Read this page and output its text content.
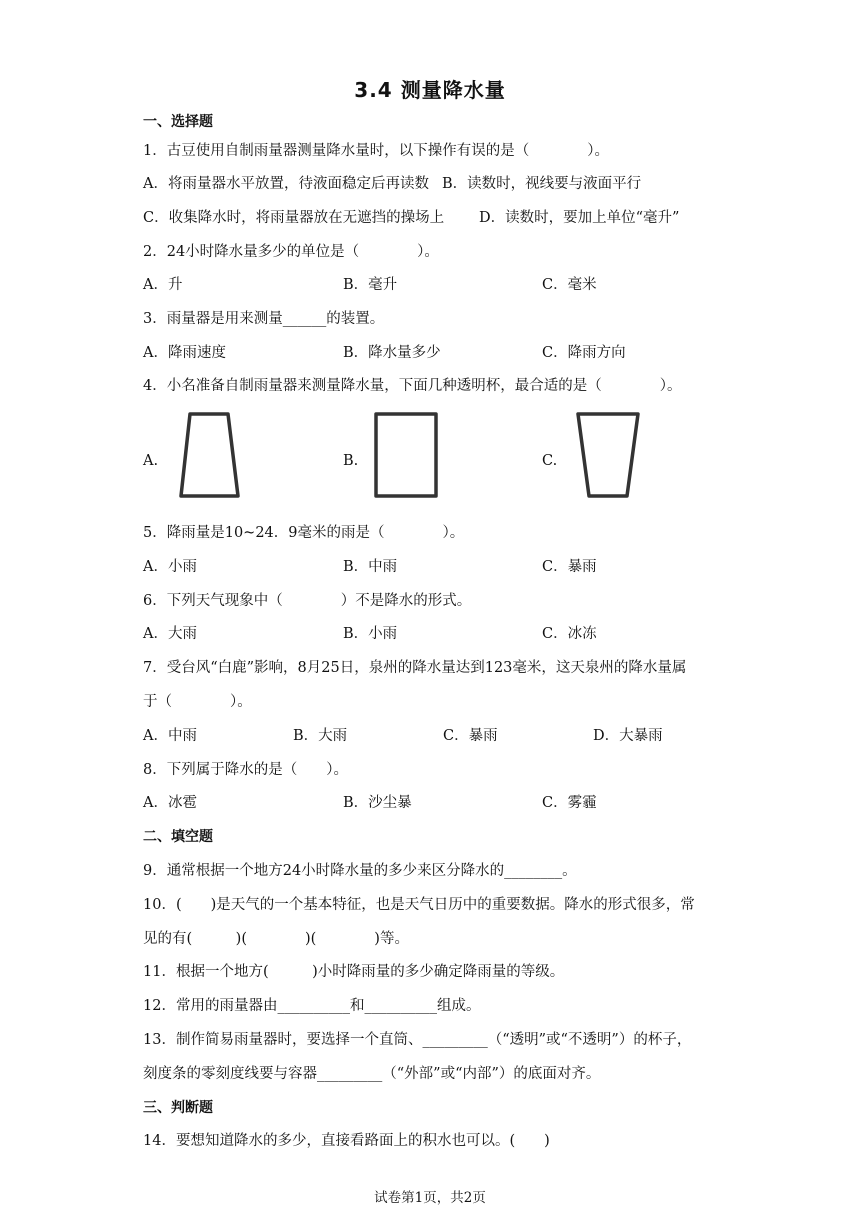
3.4 测量降水量
一、选择题
1．古豆使用自制雨量器测量降水量时，以下操作有误的是（　　　　）。
A．将雨量器水平放置，待液面稳定后再读数 B．读数时，视线要与液面平行
C．收集降水时，将雨量器放在无遮挡的操场上 D．读数时，要加上单位“毫升”
2．24小时降水量多少的单位是（　　　　）。
A．升	B．毫升	C．毫米
3．雨量器是用来测量______的装置。
A．降雨速度	B．降水量多少	C．降雨方向
4．小名准备自制雨量器来测量降水量，下面几种透明杯，最合适的是（　　　　）。
A.	B.	C.
5．降雨量是10~24．9毫米的雨是（　　　　）。
A．小雨	B．中雨	C．暴雨
6．下列天气现象中（　　　　）不是降水的形式。
A．大雨	B．小雨	C．冰冻
7．受台风“白鹿”影响，8月25日，泉州的降水量达到123毫米，这天泉州的降水量属
于（　　　　）。
A．中雨	B．大雨	C．暴雨	D．大暴雨
8．下列属于降水的是（　　）。
A．冰雹	B．沙尘暴	C．雾霾
二、填空题
9．通常根据一个地方24小时降水量的多少来区分降水的________。
10．(　　)是天气的一个基本特征，也是天气日历中的重要数据。降水的形式很多，常
见的有(　　　)(　　　　)(　　　　)等。
11．根据一个地方(　　　)小时降雨量的多少确定降雨量的等级。
12．常用的雨量器由__________和__________组成。
13．制作简易雨量器时，要选择一个直筒、_________（“透明”或“不透明”）的杯子，
刻度条的零刻度线要与容器_________（“外部”或“内部”）的底面对齐。
三、判断题
14．要想知道降水的多少，直接看路面上的积水也可以。(　　)
试卷第1页，共2页
